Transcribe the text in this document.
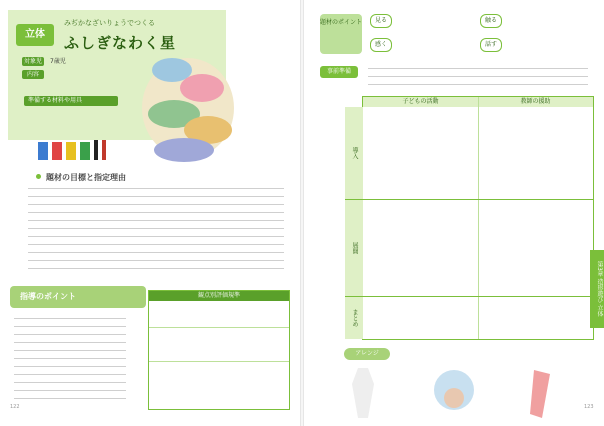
立体
みぢかなざいりょうでつくる
ふしぎなわく星
対象児 7歳児
内容
準備する材料や用具
題材の目標と指定理由
指導のポイント	観点別評価規準
122
題材のポイント	見る	触る
感く	話す
事前準備
子どもの活動	教師の援助
導入
展開
まとめ
アレンジ
第3章 造形遊び 立体
123
